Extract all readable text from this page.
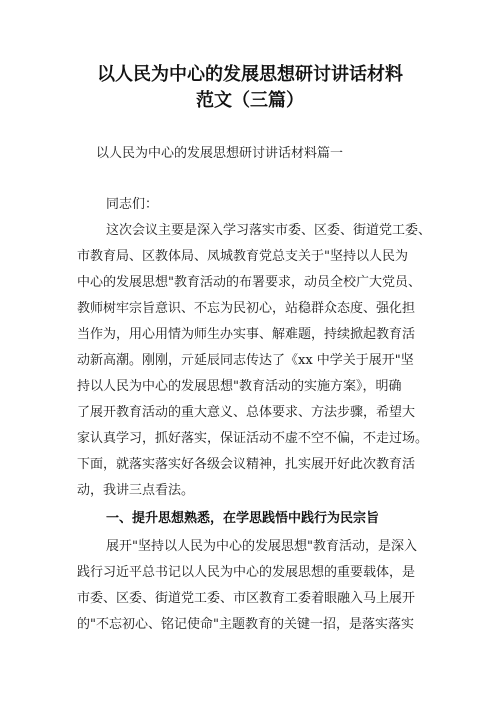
以人民为中心的发展思想研讨讲话材料
范文（三篇）

以人民为中心的发展思想研讨讲话材料篇一

同志们：

这次会议主要是深入学习落实市委、区委、街道党工委、

市教育局、区教体局、凤城教育党总支关于"坚持以人民为

中心的发展思想"教育活动的布署要求，动员全校广大党员、

教师树牢宗旨意识、不忘为民初心，站稳群众态度、强化担

当作为，用心用情为师生办实事、解难题，持续掀起教育活

动新高潮。刚刚，亓延辰同志传达了《xx 中学关于展开"坚

持以人民为中心的发展思想"教育活动的实施方案》，明确

了展开教育活动的重大意义、总体要求、方法步骤，希望大

家认真学习，抓好落实，保证活动不虚不空不偏，不走过场。

下面，就落实落实好各级会议精神，扎实展开好此次教育活

动，我讲三点看法。

一、提升思想熟悉，在学思践悟中践行为民宗旨

展开"坚持以人民为中心的发展思想"教育活动，是深入

践行习近平总书记以人民为中心的发展思想的重要载体，是

市委、区委、街道党工委、市区教育工委着眼融入马上展开

的"不忘初心、铭记使命"主题教育的关键一招，是落实落实
